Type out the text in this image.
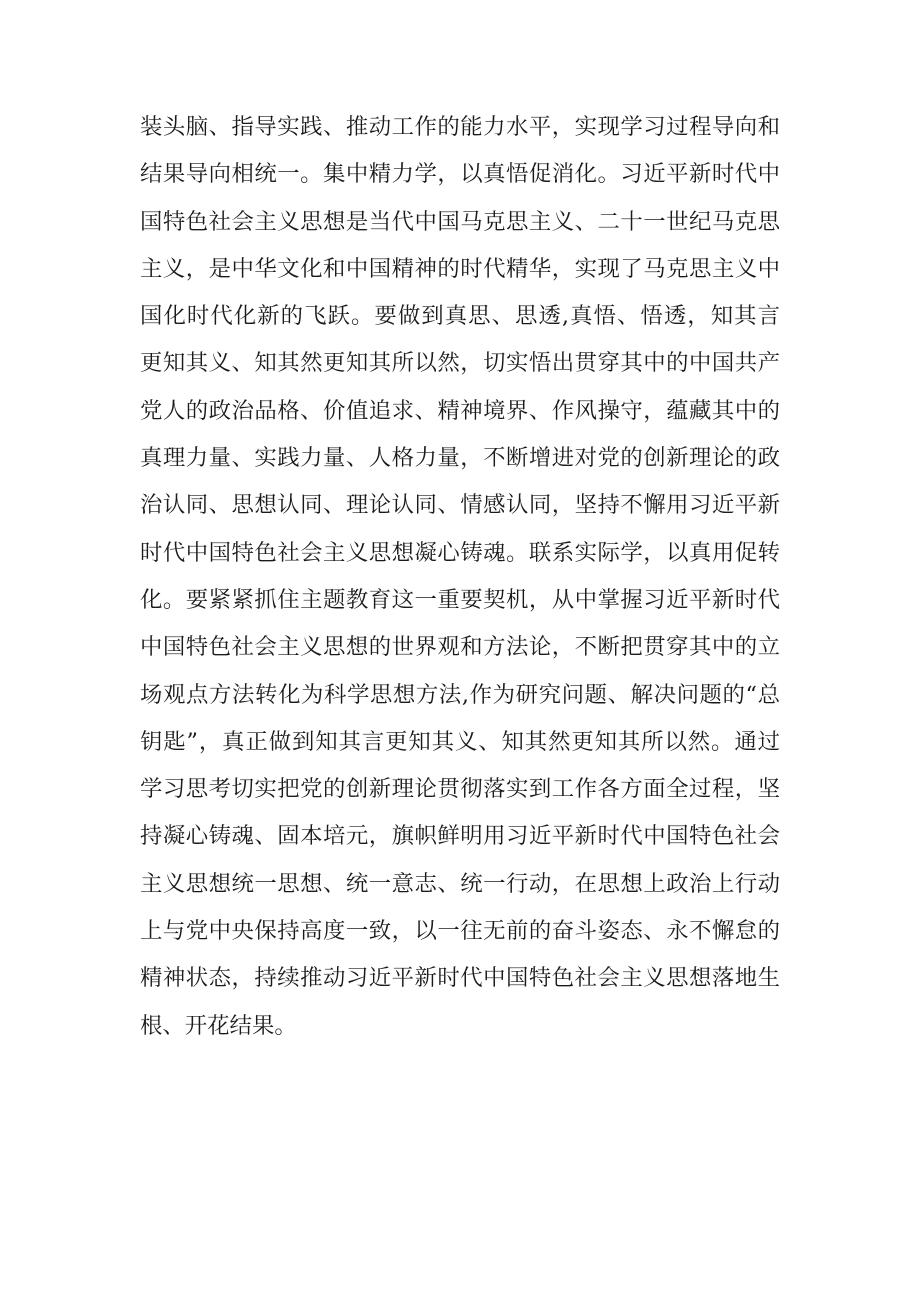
装头脑、指导实践、推动工作的能力水平，实现学习过程导向和
结果导向相统一。集中精力学，以真悟促消化。习近平新时代中
国特色社会主义思想是当代中国马克思主义、二十一世纪马克思
主义，是中华文化和中国精神的时代精华，实现了马克思主义中
国化时代化新的飞跃。要做到真思、思透,真悟、悟透，知其言
更知其义、知其然更知其所以然，切实悟出贯穿其中的中国共产
党人的政治品格、价值追求、精神境界、作风操守，蕴藏其中的
真理力量、实践力量、人格力量，不断增进对党的创新理论的政
治认同、思想认同、理论认同、情感认同，坚持不懈用习近平新
时代中国特色社会主义思想凝心铸魂。联系实际学，以真用促转
化。要紧紧抓住主题教育这一重要契机，从中掌握习近平新时代
中国特色社会主义思想的世界观和方法论，不断把贯穿其中的立
场观点方法转化为科学思想方法,作为研究问题、解决问题的“总
钥匙”，真正做到知其言更知其义、知其然更知其所以然。通过
学习思考切实把党的创新理论贯彻落实到工作各方面全过程，坚
持凝心铸魂、固本培元，旗帜鲜明用习近平新时代中国特色社会
主义思想统一思想、统一意志、统一行动，在思想上政治上行动
上与党中央保持高度一致，以一往无前的奋斗姿态、永不懈怠的
精神状态，持续推动习近平新时代中国特色社会主义思想落地生
根、开花结果。
